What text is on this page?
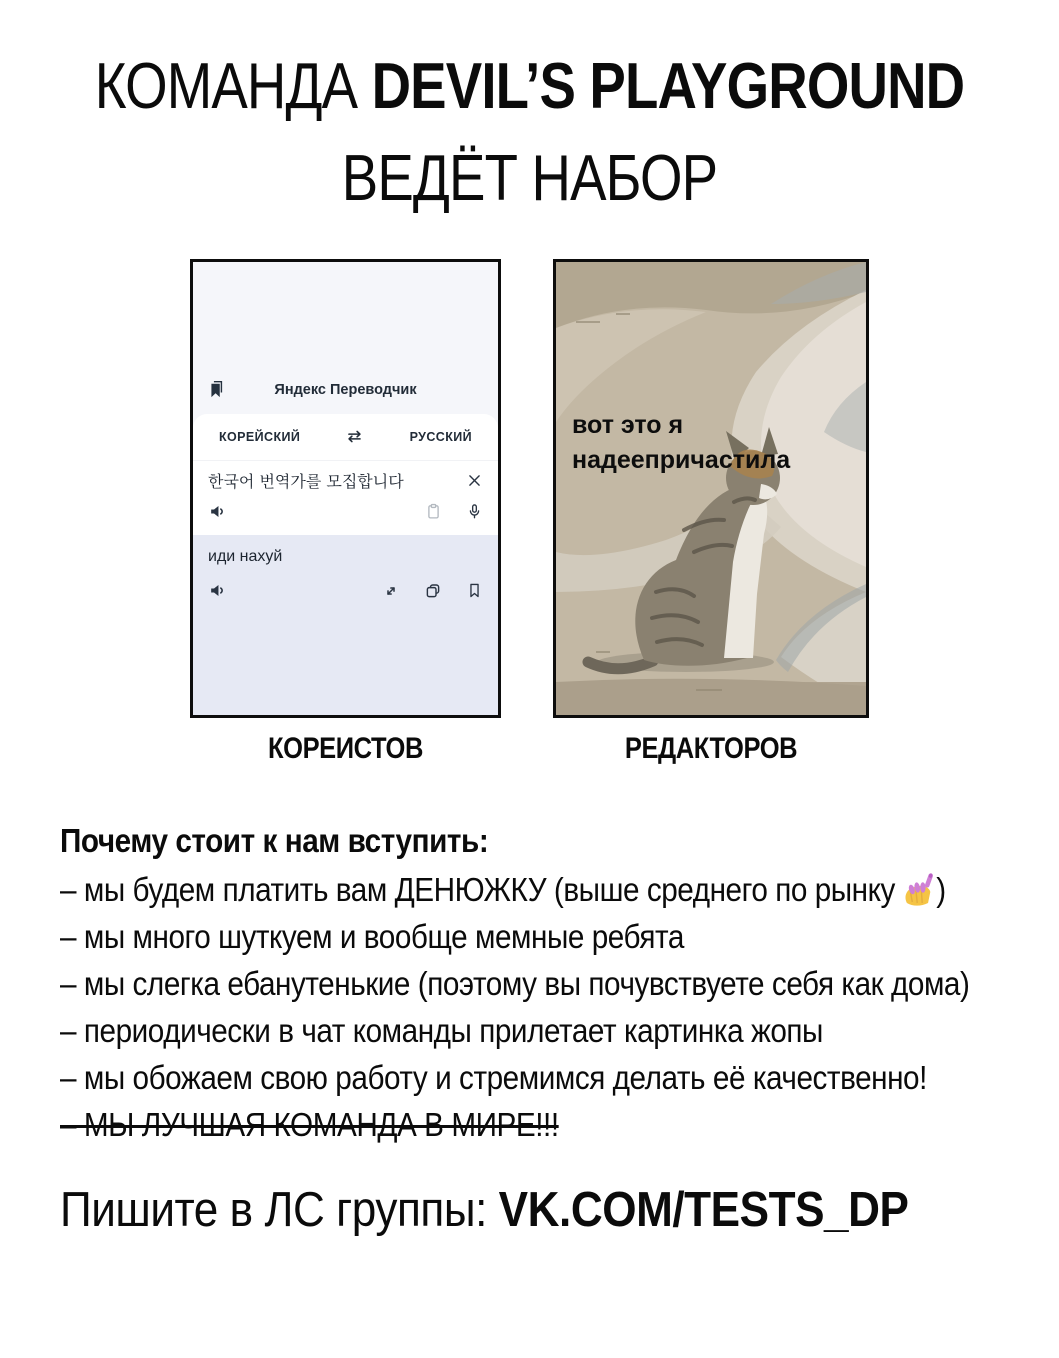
КОМАНДА DEVIL’S PLAYGROUND
ВЕДЁТ НАБОР
Яндекс Переводчик
КОРЕЙСКИЙ	РУССКИЙ
한국어 번역가를 모집합니다
иди нахуй
КОРЕИСТОВ
вот это я
надеепричастила
РЕДАКТОРОВ
Почему стоит к нам вступить:
– мы будем платить вам ДЕНЮЖКУ (выше среднего по рынку )
– мы много шуткуем и вообще мемные ребята
– мы слегка ебанутенькие (поэтому вы почувствуете себя как дома)
– периодически в чат команды прилетает картинка жопы
– мы обожаем свою работу и стремимся делать её качественно!
– МЫ ЛУЧШАЯ КОМАНДА В МИРЕ!!!
Пишите в ЛС группы: VK.COM/TESTS_DP
